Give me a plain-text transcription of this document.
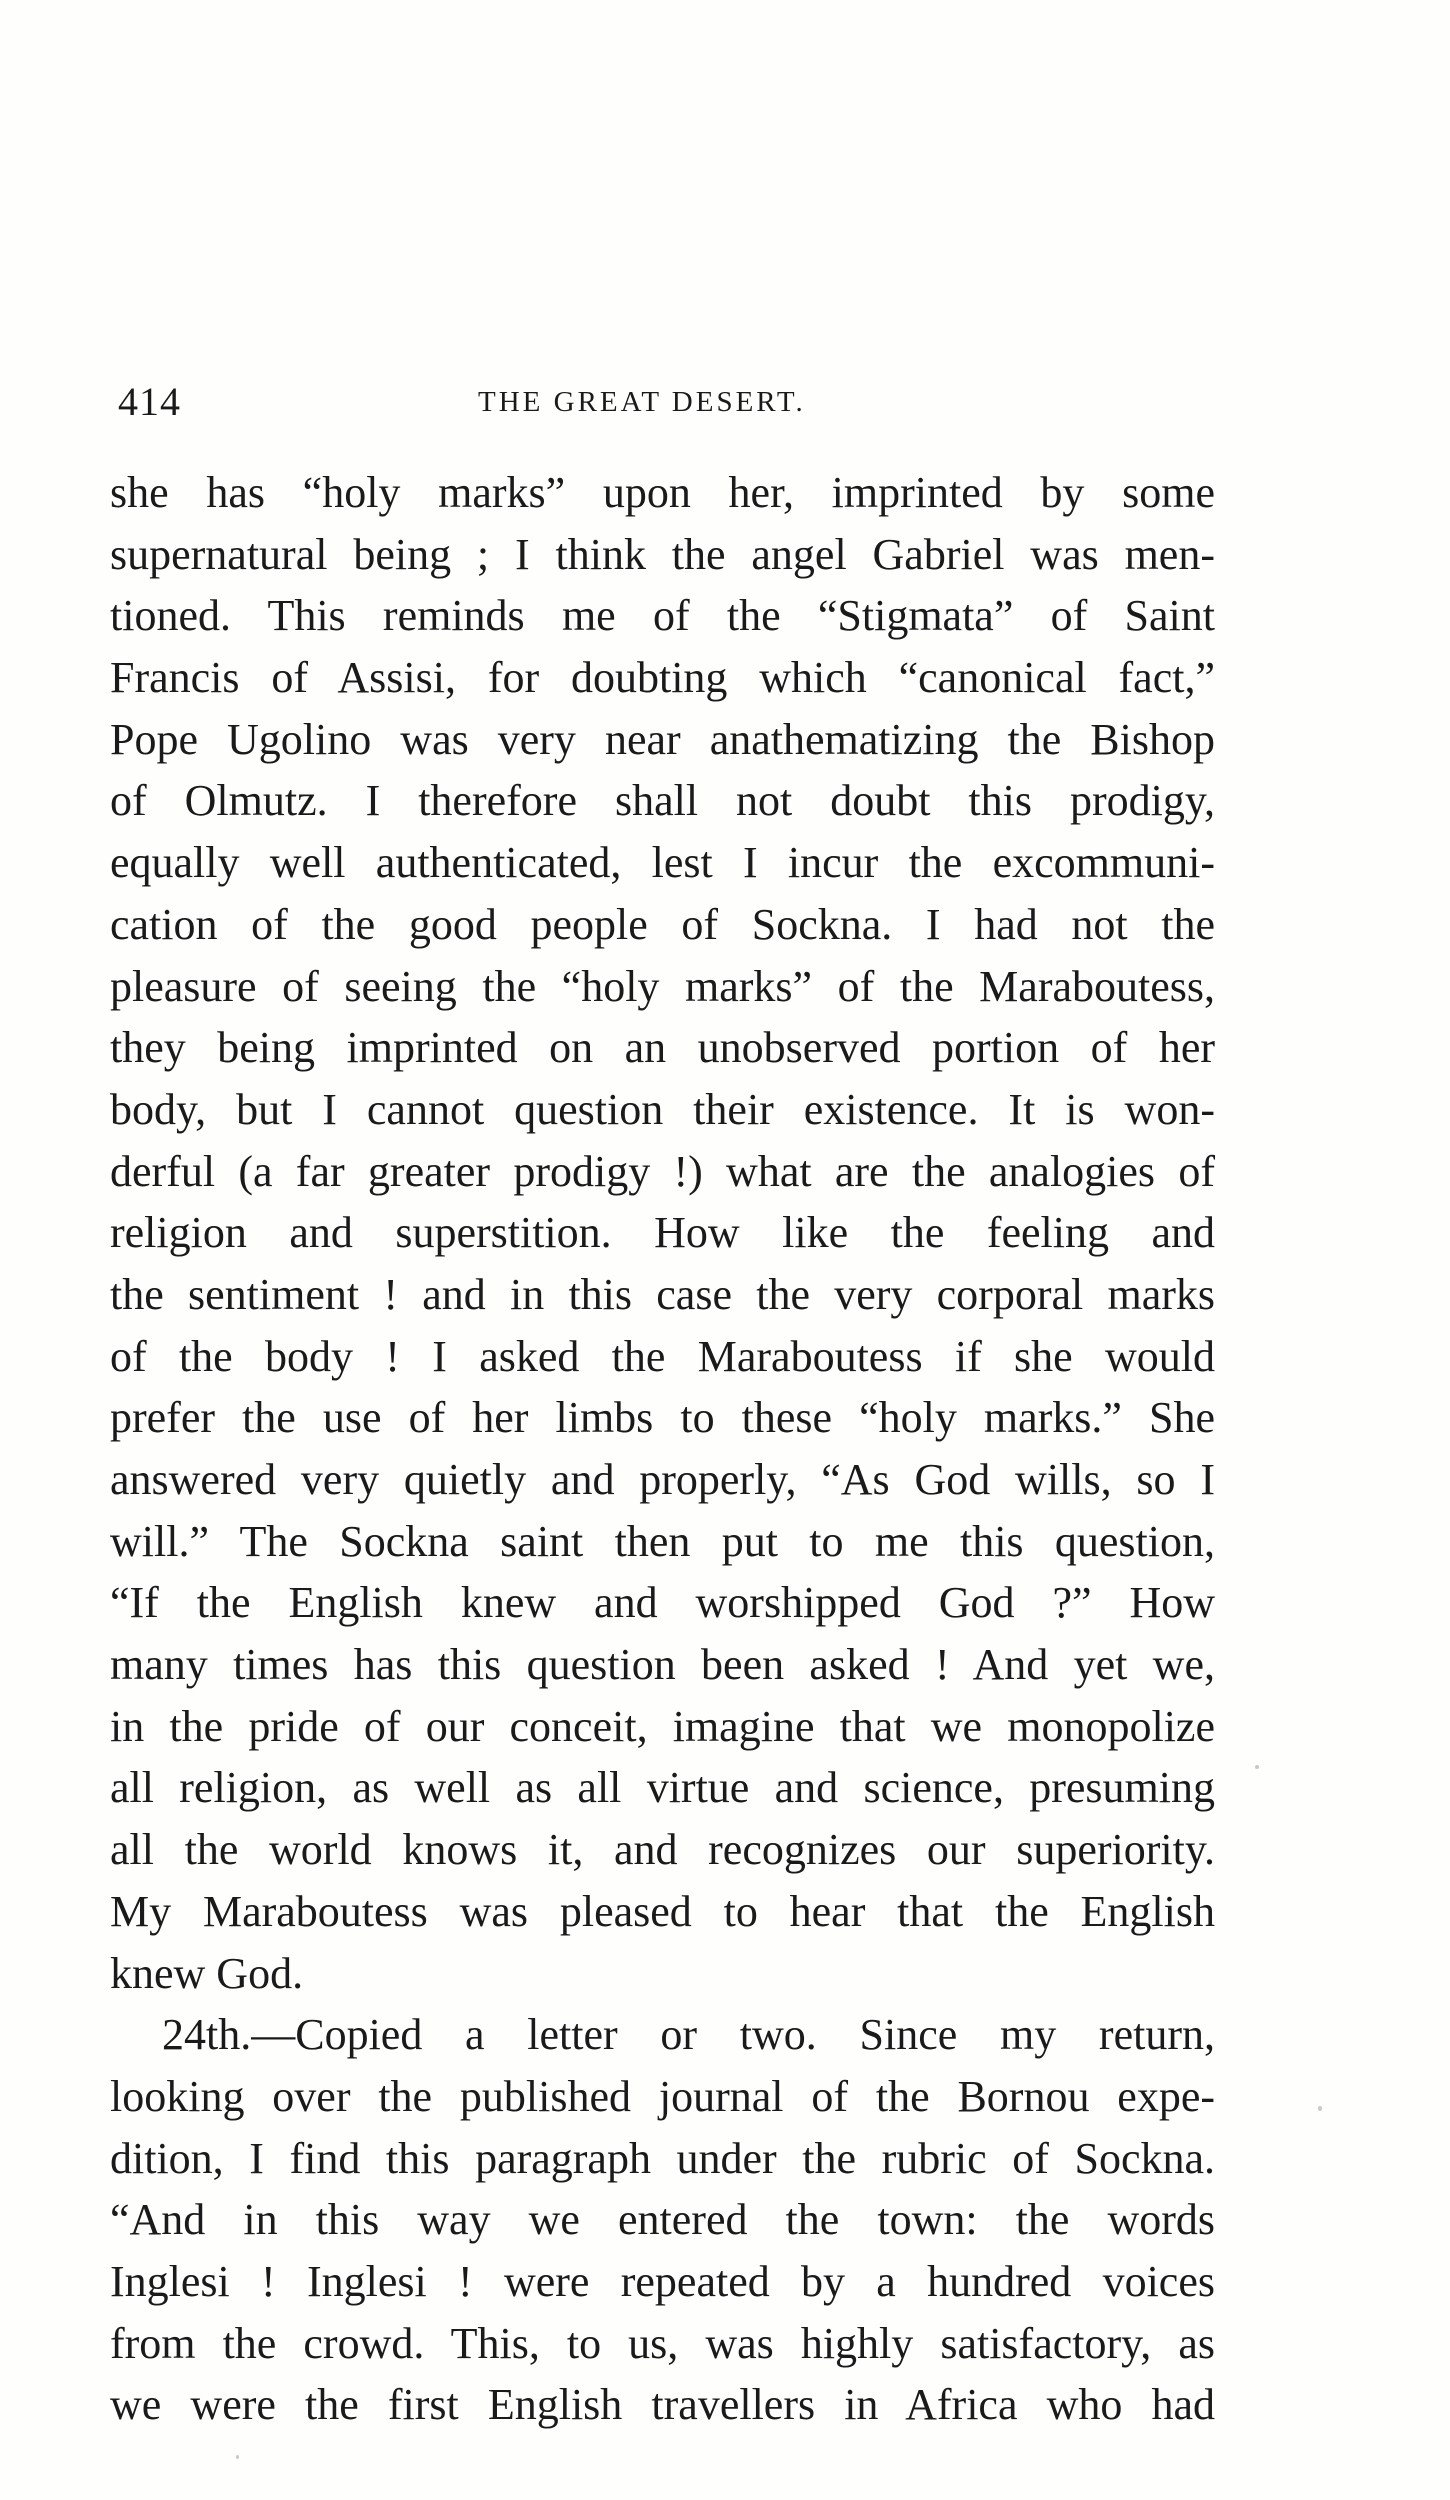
414	THE GREAT DESERT.
she has “holy marks” upon her, imprinted by some
supernatural being ; I think the angel Gabriel was men-
tioned. This reminds me of the “Stigmata” of Saint
Francis of Assisi, for doubting which “canonical fact,”
Pope Ugolino was very near anathematizing the Bishop
of Olmutz. I therefore shall not doubt this prodigy,
equally well authenticated, lest I incur the excommuni-
cation of the good people of Sockna. I had not the
pleasure of seeing the “holy marks” of the Maraboutess,
they being imprinted on an unobserved portion of her
body, but I cannot question their existence. It is won-
derful (a far greater prodigy !) what are the analogies of
religion and superstition. How like the feeling and
the sentiment ! and in this case the very corporal marks
of the body ! I asked the Maraboutess if she would
prefer the use of her limbs to these “holy marks.” She
answered very quietly and properly, “As God wills, so I
will.” The Sockna saint then put to me this question,
“If the English knew and worshipped God ?” How
many times has this question been asked ! And yet we,
in the pride of our conceit, imagine that we monopolize
all religion, as well as all virtue and science, presuming
all the world knows it, and recognizes our superiority.
My Maraboutess was pleased to hear that the English
knew God.
24th.—Copied a letter or two. Since my return,
looking over the published journal of the Bornou expe-
dition, I find this paragraph under the rubric of Sockna.
“And in this way we entered the town: the words
Inglesi ! Inglesi ! were repeated by a hundred voices
from the crowd. This, to us, was highly satisfactory, as
we were the first English travellers in Africa who had
